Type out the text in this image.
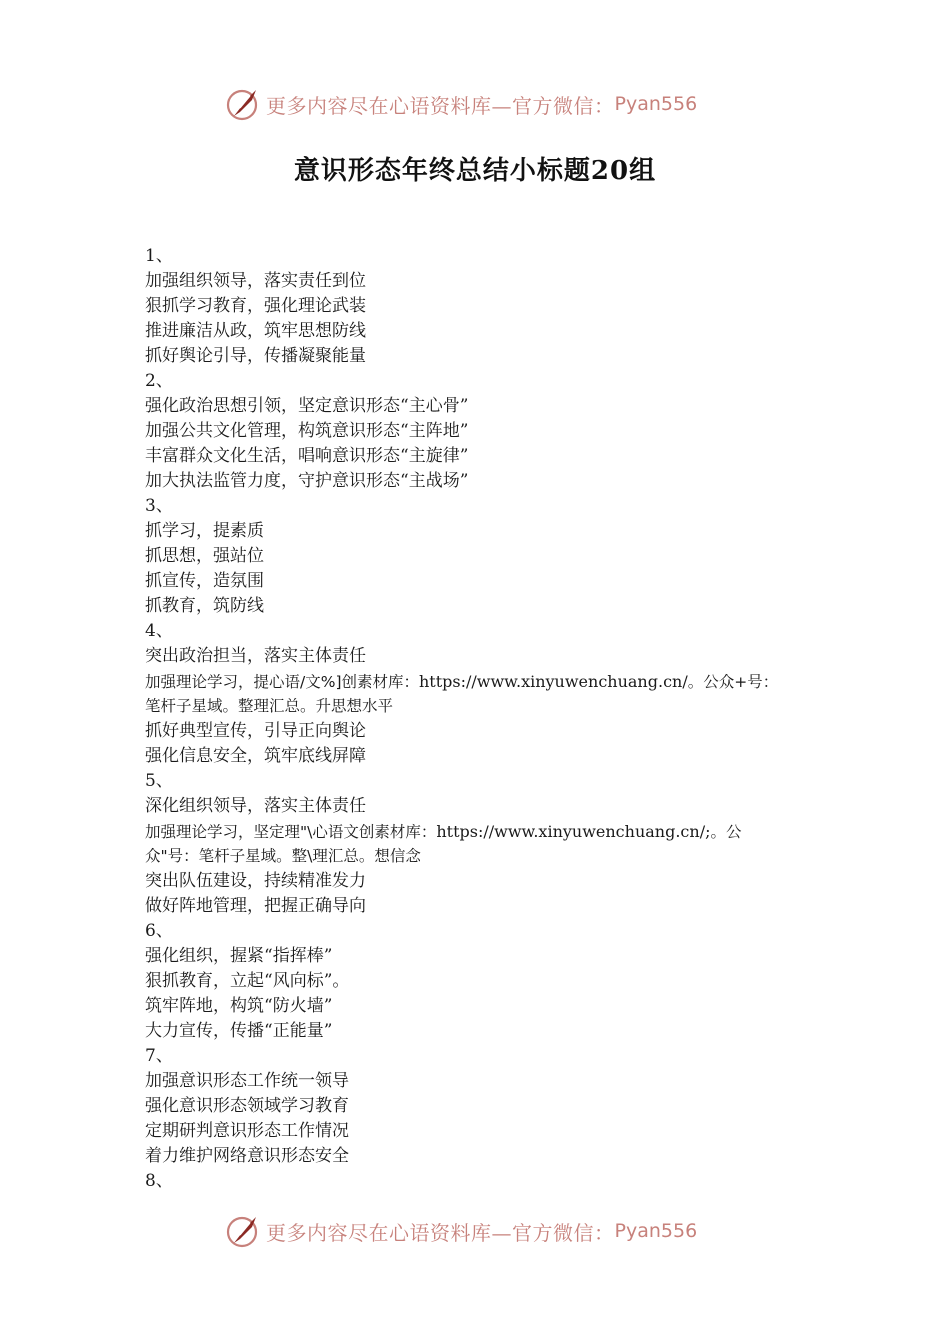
更多内容尽在心语资料库—官方微信： Pyan556
意识形态年终总结小标题20组
1、
加强组织领导，落实责任到位
狠抓学习教育，强化理论武装
推进廉洁从政，筑牢思想防线
抓好舆论引导，传播凝聚能量
2、
强化政治思想引领，坚定意识形态“主心骨”
加强公共文化管理，构筑意识形态“主阵地”
丰富群众文化生活，唱响意识形态“主旋律”
加大执法监管力度，守护意识形态“主战场”
3、
抓学习，提素质
抓思想，强站位
抓宣传，造氛围
抓教育，筑防线
4、
突出政治担当，落实主体责任
加强理论学习，提心语/文%]创素材库：https://www.xinyuwenchuang.cn/。公众+号：
笔杆子星域。整理汇总。升思想水平
抓好典型宣传，引导正向舆论
强化信息安全，筑牢底线屏障
5、
深化组织领导，落实主体责任
加强理论学习，坚定理"\心语文创素材库：https://www.xinyuwenchuang.cn/;。公
众"号：笔杆子星域。整\理汇总。想信念
突出队伍建设，持续精准发力
做好阵地管理，把握正确导向
6、
强化组织，握紧“指挥棒”
狠抓教育，立起“风向标”。
筑牢阵地，构筑“防火墙”
大力宣传，传播“正能量”
7、
加强意识形态工作统一领导
强化意识形态领域学习教育
定期研判意识形态工作情况
着力维护网络意识形态安全
8、
更多内容尽在心语资料库—官方微信： Pyan556
